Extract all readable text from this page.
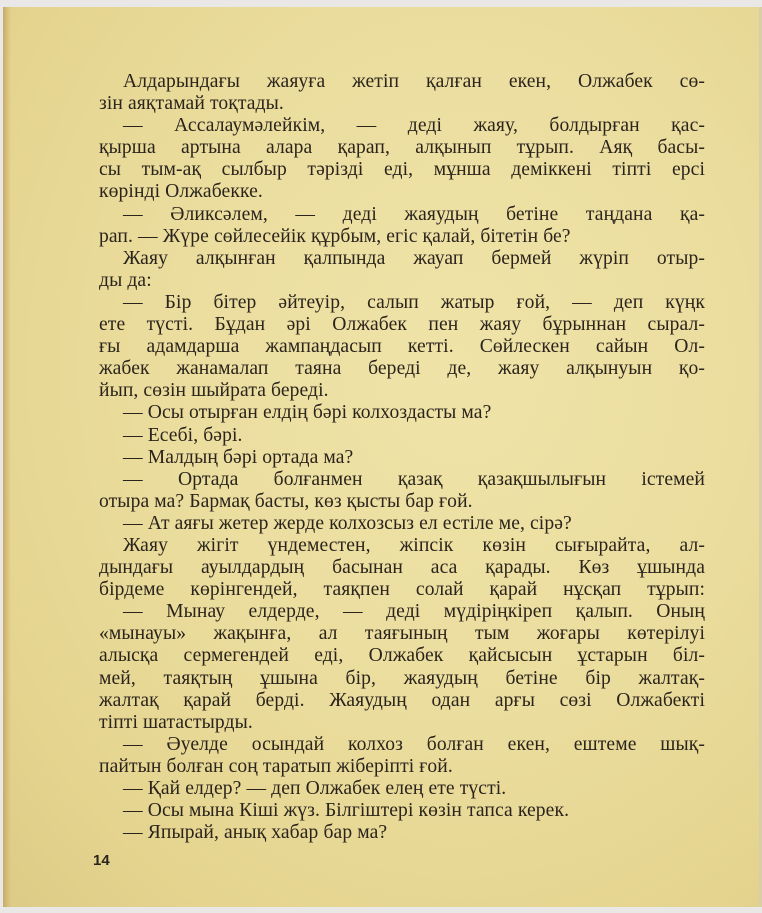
Алдарындағы жаяуға жетіп қалған екен, Олжабек сө-
зін аяқтамай тоқтады.
— Ассалаумәлейкім, — деді жаяу, болдырған қас-
қырша артына алара қарап, алқынып тұрып. Аяқ басы-
сы тым-ақ сылбыр тәрізді еді, мұнша деміккені тіпті ерсі
көрінді Олжабекке.
— Әликсәлем, — деді жаяудың бетіне таңдана қа-
рап. — Жүре сөйлесейік құрбым, егіс қалай, бітетін бе?
Жаяу алқынған қалпында жауап бермей жүріп отыр-
ды да:
— Бір бітер әйтеуір, салып жатыр ғой, — деп күңк
ете түсті. Бұдан әрі Олжабек пен жаяу бұрыннан сырал-
ғы адамдарша жампаңдасып кетті. Сөйлескен сайын Ол-
жабек жанамалап таяна береді де, жаяу алқынуын қо-
йып, сөзін шыйрата береді.
— Осы отырған елдің бәрі колхоздасты ма?
— Есебі, бәрі.
— Малдың бәрі ортада ма?
— Ортада болғанмен қазақ қазақшылығын істемей
отыра ма? Бармақ басты, көз қысты бар ғой.
— Ат аяғы жетер жерде колхозсыз ел естіле ме, сірә?
Жаяу жігіт үндеместен, жіпсік көзін сығырайта, ал-
дындағы ауылдардың басынан аса қарады. Көз ұшында
бірдеме көрінгендей, таяқпен солай қарай нұсқап тұрып:
— Мынау елдерде, — деді мүдіріңкіреп қалып. Оның
«мынауы» жақынға, ал таяғының тым жоғары көтерілуі
алысқа сермегендей еді, Олжабек қайсысын ұстарын біл-
мей, таяқтың ұшына бір, жаяудың бетіне бір жалтақ-
жалтақ қарай берді. Жаяудың одан арғы сөзі Олжабекті
тіпті шатастырды.
— Әуелде осындай колхоз болған екен, ештеме шық-
пайтын болған соң таратып жіберіпті ғой.
— Қай елдер? — деп Олжабек елең ете түсті.
— Осы мына Кіші жүз. Білгіштері көзін тапса керек.
— Япырай, анық хабар бар ма?
14
